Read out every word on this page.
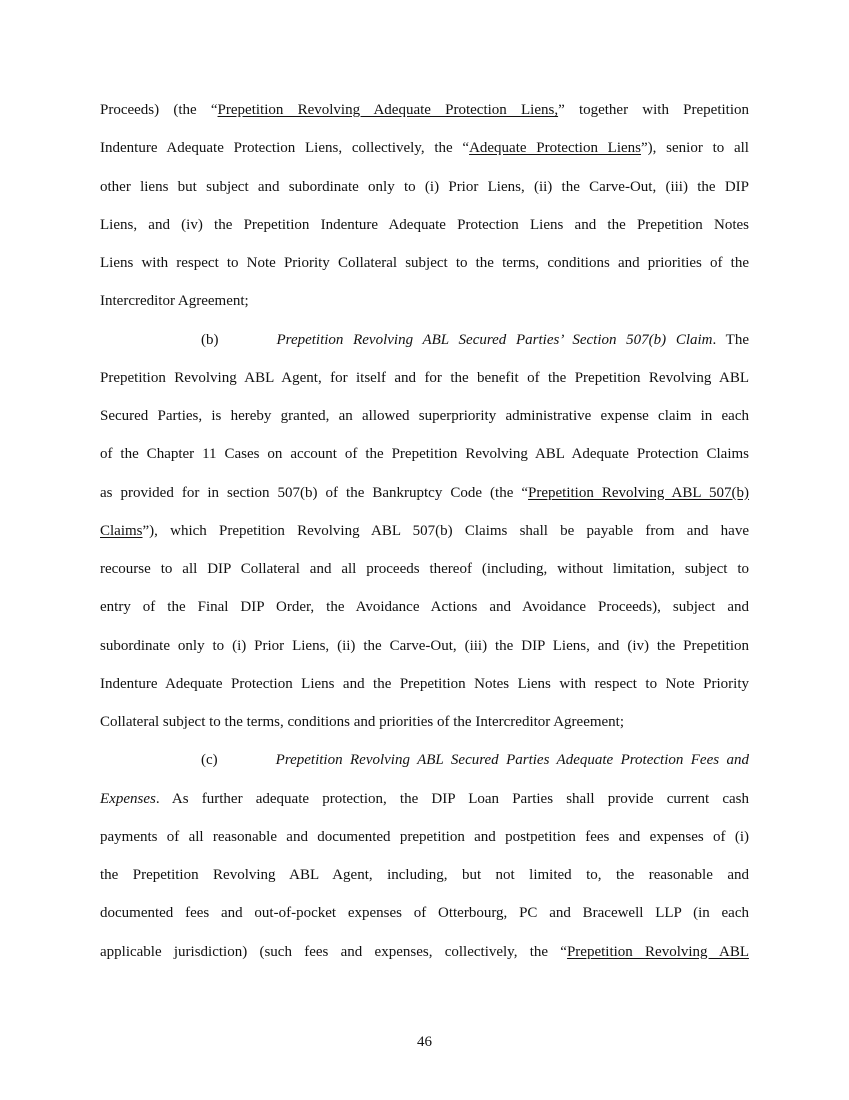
Proceeds) (the “Prepetition Revolving Adequate Protection Liens,” together with Prepetition
Indenture Adequate Protection Liens, collectively, the “Adequate Protection Liens”), senior to all
other liens but subject and subordinate only to (i) Prior Liens, (ii) the Carve-Out, (iii) the DIP
Liens, and (iv) the Prepetition Indenture Adequate Protection Liens and the Prepetition Notes
Liens with respect to Note Priority Collateral subject to the terms, conditions and priorities of the
Intercreditor Agreement;
(b)	Prepetition Revolving ABL Secured Parties’ Section 507(b) Claim. The
Prepetition Revolving ABL Agent, for itself and for the benefit of the Prepetition Revolving ABL
Secured Parties, is hereby granted, an allowed superpriority administrative expense claim in each
of the Chapter 11 Cases on account of the Prepetition Revolving ABL Adequate Protection Claims
as provided for in section 507(b) of the Bankruptcy Code (the “Prepetition Revolving ABL 507(b)
Claims”), which Prepetition Revolving ABL 507(b) Claims shall be payable from and have
recourse to all DIP Collateral and all proceeds thereof (including, without limitation, subject to
entry of the Final DIP Order, the Avoidance Actions and Avoidance Proceeds), subject and
subordinate only to (i) Prior Liens, (ii) the Carve-Out, (iii) the DIP Liens, and (iv) the Prepetition
Indenture Adequate Protection Liens and the Prepetition Notes Liens with respect to Note Priority
Collateral subject to the terms, conditions and priorities of the Intercreditor Agreement;
(c)	Prepetition Revolving ABL Secured Parties Adequate Protection Fees and
Expenses. As further adequate protection, the DIP Loan Parties shall provide current cash
payments of all reasonable and documented prepetition and postpetition fees and expenses of (i)
the Prepetition Revolving ABL Agent, including, but not limited to, the reasonable and
documented fees and out-of-pocket expenses of Otterbourg, PC and Bracewell LLP (in each
applicable jurisdiction) (such fees and expenses, collectively, the “Prepetition Revolving ABL
46
